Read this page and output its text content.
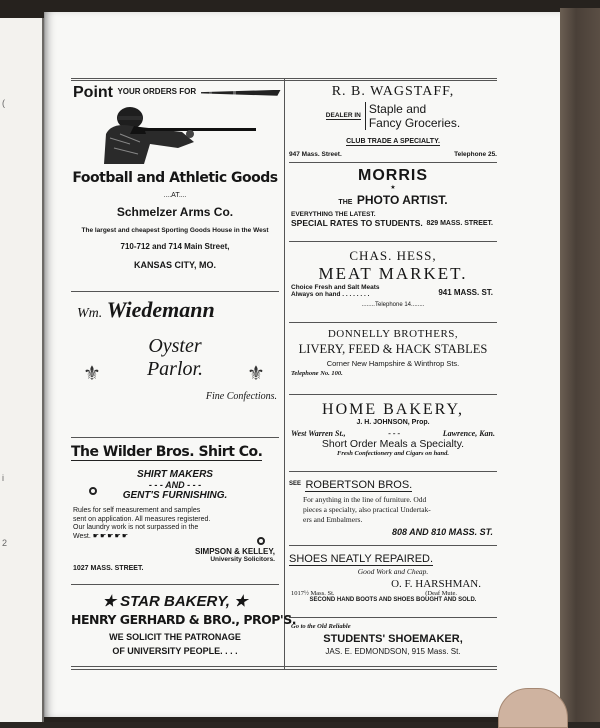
(
i
2
Point YOUR ORDERS FOR
Football and Athletic Goods
....AT....
Schmelzer Arms Co.
The largest and cheapest Sporting Goods House in the West
710-712 and 714 Main Street,
KANSAS CITY, MO.
Wm. Wiedemann
⚜	⚜
Oyster
Parlor.
Fine Confections.
The Wilder Bros. Shirt Co.
SHIRT MAKERS
- - - AND - - -
GENT'S FURNISHING.
Rules for self measurement and samples
sent on application. All measures registered.
Our laundry work is not surpassed in the
West. ☛☛☛☛☛
SIMPSON & KELLEY,
University Solicitors.
1027 MASS. STREET.
★ STAR BAKERY, ★
HENRY GERHARD & BRO., PROP'S.
WE SOLICIT THE PATRONAGE
OF UNIVERSITY PEOPLE. . . .
R. B. WAGSTAFF,
DEALER IN Staple and
Fancy Groceries.
CLUB TRADE A SPECIALTY.
947 Mass. Street.	Telephone 25.
MORRIS
★
THE PHOTO ARTIST.
EVERYTHING THE LATEST.
SPECIAL RATES TO STUDENTS. 829 MASS. STREET.
CHAS. HESS,
MEAT MARKET.
Choice Fresh and Salt Meats
Always on hand . . . . . . . .	941 MASS. ST.
........Telephone 14........
DONNELLY BROTHERS,
LIVERY, FEED & HACK STABLES
Corner New Hampshire & Winthrop Sts.
Telephone No. 100.
HOME BAKERY,
J. H. JOHNSON, Prop.
West Warren St.,	- - -	Lawrence, Kan.
Short Order Meals a Specialty.
Fresh Confectionery and Cigars on hand.
SEE ROBERTSON BROS.
For anything in the line of furniture. Odd
pieces a specialty, also practical Undertak-
ers and Embalmers.
808 AND 810 MASS. ST.
SHOES NEATLY REPAIRED.
Good Work and Cheap.
O. F. HARSHMAN.
1017½ Mass. St.	(Deaf Mute.
SECOND HAND BOOTS AND SHOES BOUGHT AND SOLD.
Go to the Old Reliable
STUDENTS' SHOEMAKER,
JAS. E. EDMONDSON, 915 Mass. St.
